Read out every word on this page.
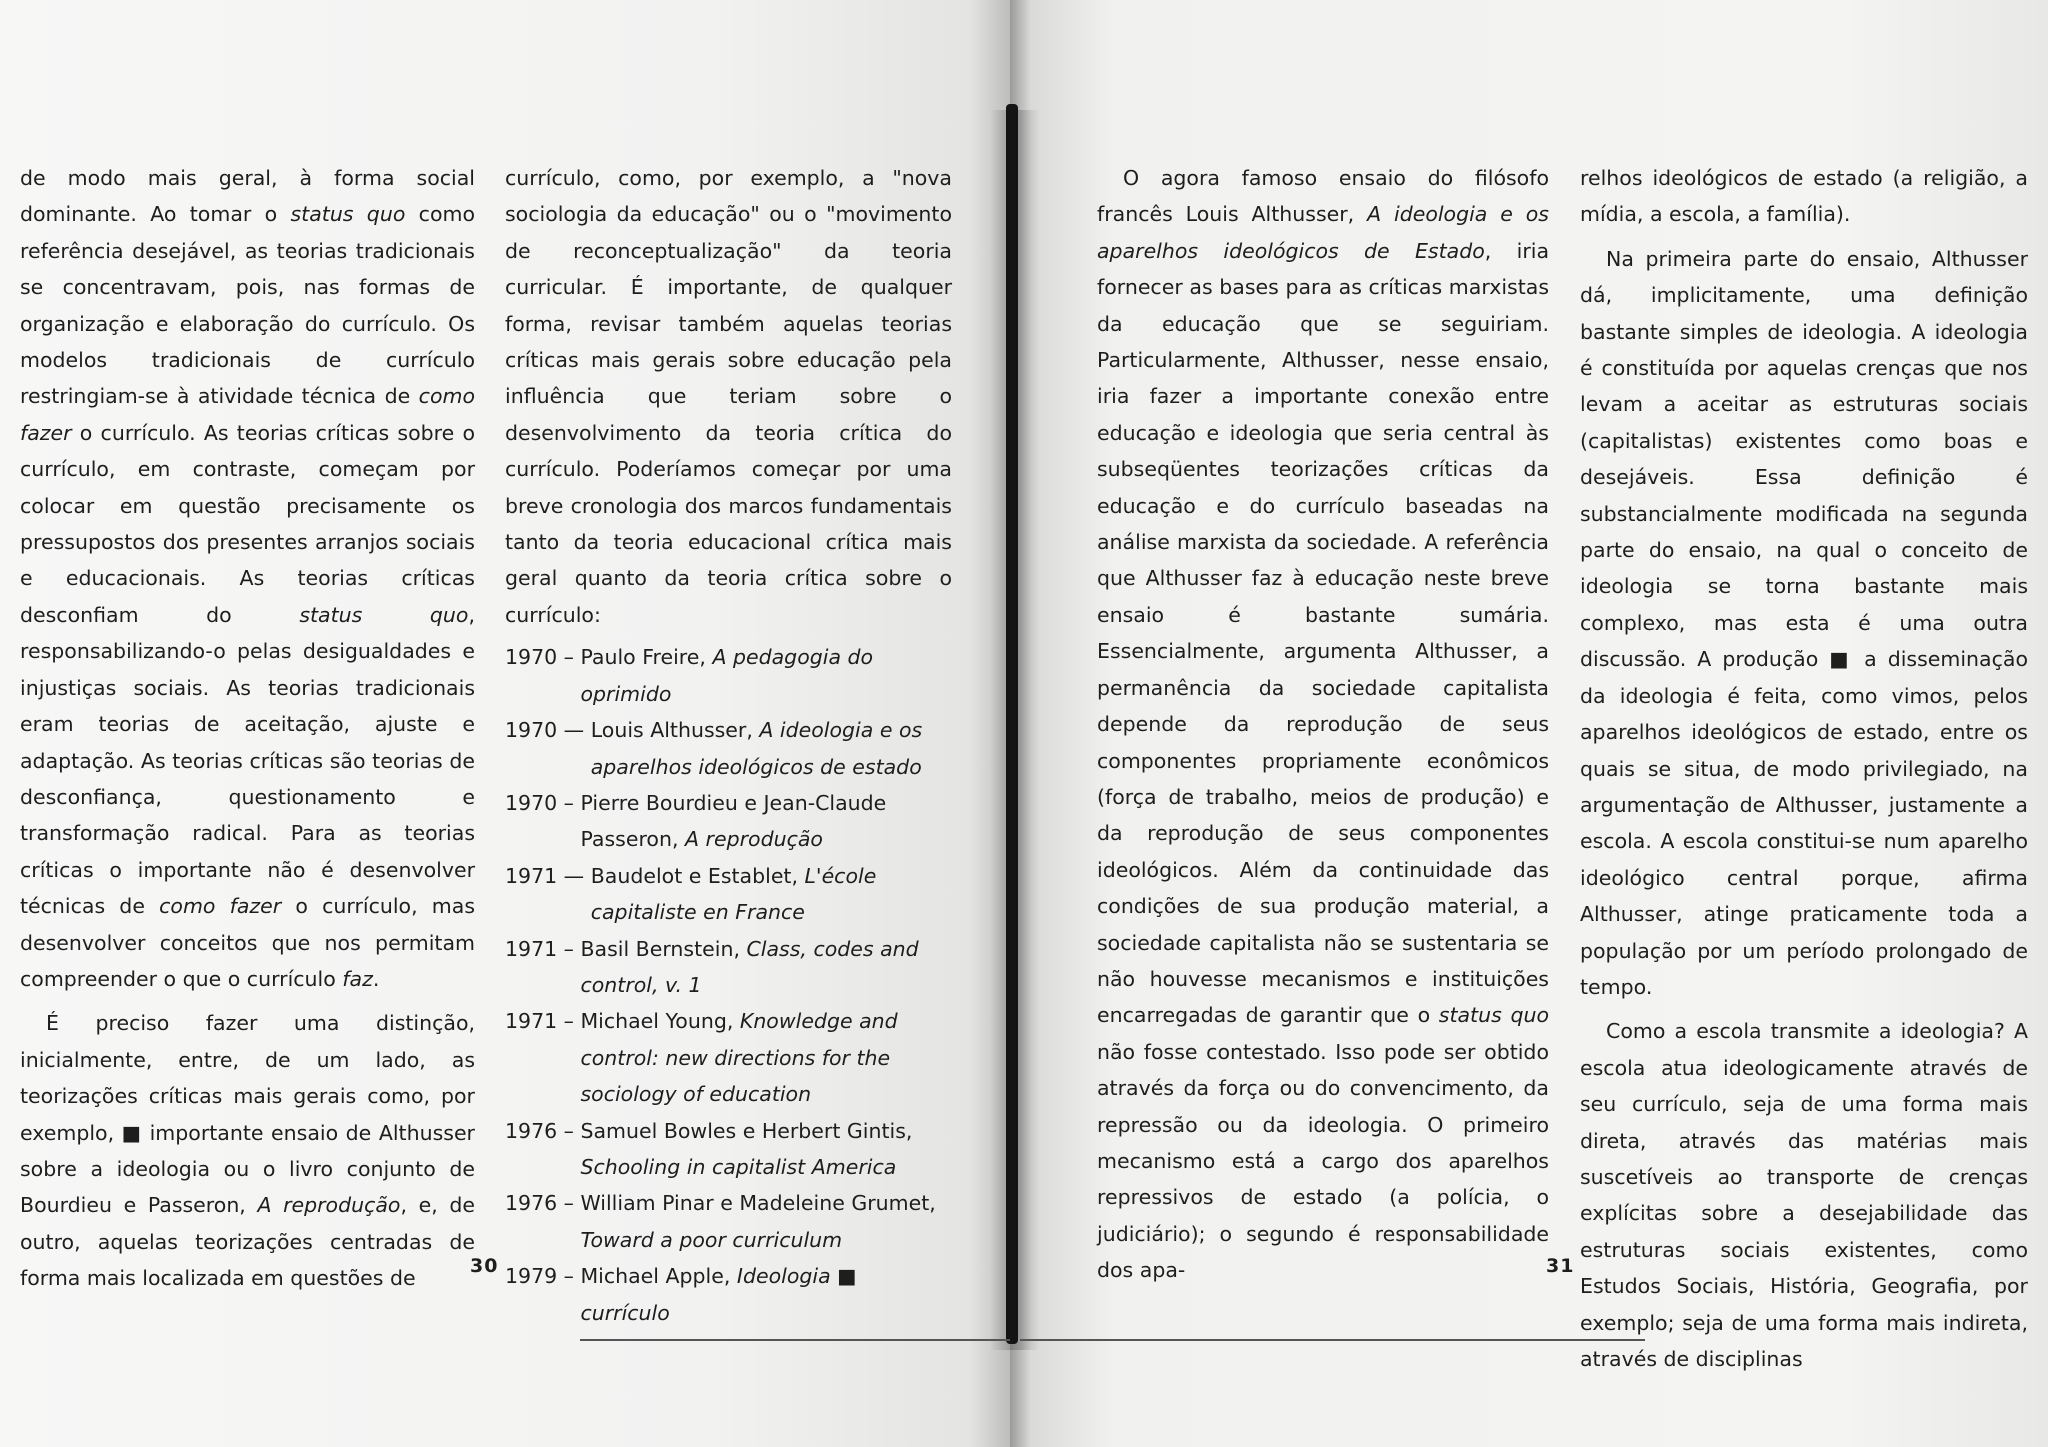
de modo mais geral, à forma social dominante. Ao tomar o status quo como referência desejável, as teorias tradicionais se concentravam, pois, nas formas de organização e elaboração do currículo. Os modelos tradicionais de currículo restringiam-se à atividade técnica de como fazer o currículo. As teorias críticas sobre o currículo, em contraste, começam por colocar em questão precisamente os pressupostos dos presentes arranjos sociais e educacionais. As teorias críticas desconfiam do status quo, responsabilizando-o pelas desigualdades e injustiças sociais. As teorias tradicionais eram teorias de aceitação, ajuste e adaptação. As teorias críticas são teorias de desconfiança, questionamento e transformação radical. Para as teorias críticas o importante não é desenvolver técnicas de como fazer o currículo, mas desenvolver conceitos que nos permitam compreender o que o currículo faz.

É preciso fazer uma distinção, inicialmente, entre, de um lado, as teorizações críticas mais gerais como, por exemplo, ■ importante ensaio de Althusser sobre a ideologia ou o livro conjunto de Bourdieu e Passeron, A reprodução, e, de outro, aquelas teorizações centradas de forma mais localizada em questões de

currículo, como, por exemplo, a "nova sociologia da educação" ou o "movimento de reconceptualização" da teoria curricular. É importante, de qualquer forma, revisar também aquelas teorias críticas mais gerais sobre educação pela influência que teriam sobre o desenvolvimento da teoria crítica do currículo. Poderíamos começar por uma breve cronologia dos marcos fundamentais tanto da teoria educacional crítica mais geral quanto da teoria crítica sobre o currículo:

1970 – Paulo Freire, A pedagogia do oprimido
1970 — Louis Althusser, A ideologia e os aparelhos ideológicos de estado
1970 – Pierre Bourdieu e Jean-Claude Passeron, A reprodução
1971 — Baudelot e Establet, L'école capitaliste en France
1971 – Basil Bernstein, Class, codes and control, v. 1
1971 – Michael Young, Knowledge and control: new directions for the sociology of education
1976 – Samuel Bowles e Herbert Gintis, Schooling in capitalist America
1976 – William Pinar e Madeleine Grumet, Toward a poor curriculum
1979 – Michael Apple, Ideologia ■ currículo
30

O agora famoso ensaio do filósofo francês Louis Althusser, A ideologia e os aparelhos ideológicos de Estado, iria fornecer as bases para as críticas marxistas da educação que se seguiriam. Particularmente, Althusser, nesse ensaio, iria fazer a importante conexão entre educação e ideologia que seria central às subseqüentes teorizações críticas da educação e do currículo baseadas na análise marxista da sociedade. A referência que Althusser faz à educação neste breve ensaio é bastante sumária. Essencialmente, argumenta Althusser, a permanência da sociedade capitalista depende da reprodução de seus componentes propriamente econômicos (força de trabalho, meios de produção) e da reprodução de seus componentes ideológicos. Além da continuidade das condições de sua produção material, a sociedade capitalista não se sustentaria se não houvesse mecanismos e instituições encarregadas de garantir que o status quo não fosse contestado. Isso pode ser obtido através da força ou do convencimento, da repressão ou da ideologia. O primeiro mecanismo está a cargo dos aparelhos repressivos de estado (a polícia, o judiciário); o segundo é responsabilidade dos apa-

relhos ideológicos de estado (a religião, a mídia, a escola, a família).

Na primeira parte do ensaio, Althusser dá, implicitamente, uma definição bastante simples de ideologia. A ideologia é constituída por aquelas crenças que nos levam a aceitar as estruturas sociais (capitalistas) existentes como boas e desejáveis. Essa definição é substancialmente modificada na segunda parte do ensaio, na qual o conceito de ideologia se torna bastante mais complexo, mas esta é uma outra discussão. A produção ■ a disseminação da ideologia é feita, como vimos, pelos aparelhos ideológicos de estado, entre os quais se situa, de modo privilegiado, na argumentação de Althusser, justamente a escola. A escola constitui-se num aparelho ideológico central porque, afirma Althusser, atinge praticamente toda a população por um período prolongado de tempo.

Como a escola transmite a ideologia? A escola atua ideologicamente através de seu currículo, seja de uma forma mais direta, através das matérias mais suscetíveis ao transporte de crenças explícitas sobre a desejabilidade das estruturas sociais existentes, como Estudos Sociais, História, Geografia, por exemplo; seja de uma forma mais indireta, através de disciplinas

31
